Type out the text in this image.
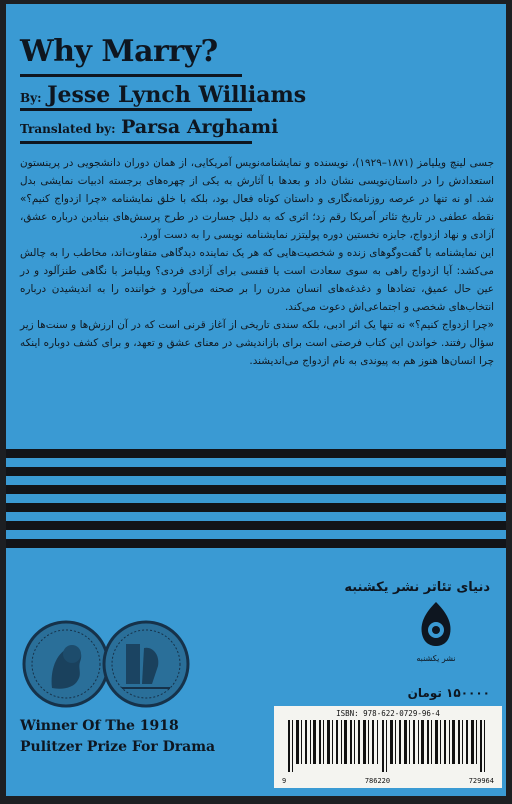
Why Marry?
By: Jesse Lynch Williams
Translated by: Parsa Arghami

جسی لینچ ویلیامز (۱۸۷۱–۱۹۲۹)، نویسنده و نمایشنامه‌نویس آمریکایی، از همان دوران دانشجویی در پرینستون استعدادش را در داستان‌نویسی نشان داد و بعدها با آثارش به یکی از چهره‌های برجسته ادبیات نمایشی بدل شد. او نه تنها در عرصه روزنامه‌نگاری و داستان کوتاه فعال بود، بلکه با خلق نمایشنامه «چرا ازدواج کنیم؟» نقطه عطفی در تاریخ تئاتر آمریکا رقم زد؛ اثری که به دلیل جسارت در طرح پرسش‌های بنیادین درباره عشق، آزادی و نهاد ازدواج، جایزه نخستین دوره پولیتزر نمایشنامه نویسی را به دست آورد.

این نمایشنامه با گفت‌وگوهای زنده و شخصیت‌هایی که هر یک نماینده دیدگاهی متفاوت‌اند، مخاطب را به چالش می‌کشد: آیا ازدواج راهی به سوی سعادت است یا قفسی برای آزادی فردی؟ ویلیامز با نگاهی طنزآلود و در عین حال عمیق، تضادها و دغدغه‌های انسان مدرن را بر صحنه می‌آورد و خواننده را به اندیشیدن درباره انتخاب‌های شخصی و اجتماعی‌اش دعوت می‌کند.

«چرا ازدواج کنیم؟» نه تنها یک اثر ادبی، بلکه سندی تاریخی از آغاز قرنی است که در آن ارزش‌ها و سنت‌ها زیر سؤال رفتند. خواندن این کتاب فرصتی است برای بازاندیشی در معنای عشق و تعهد، و برای کشف دوباره اینکه چرا انسان‌ها هنوز هم به پیوندی به نام ازدواج می‌اندیشند.

دنیای تئاتر نشر یکشنبه
نشر یکشنبه
۱۵۰۰۰۰ تومان
Winner Of The 1918
Pulitzer Prize For Drama
ISBN: 978-622-0729-96-4
9	786220	729964
